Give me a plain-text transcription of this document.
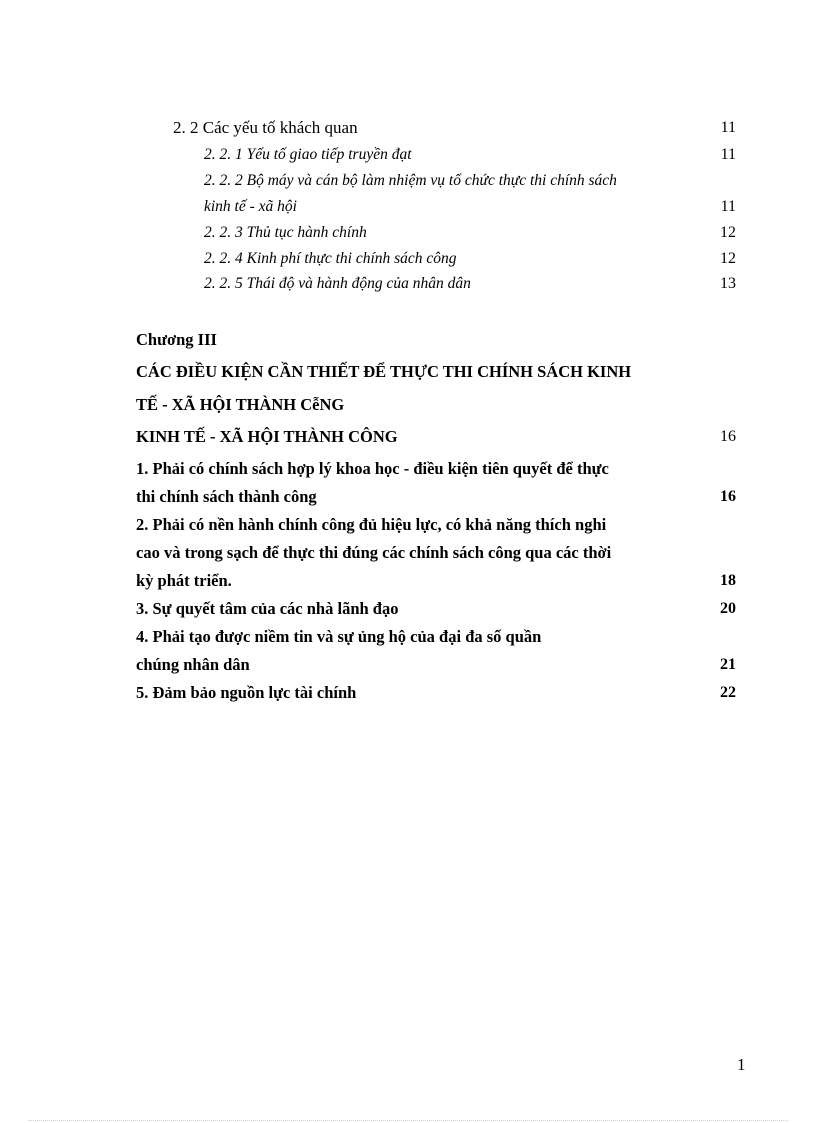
2. 2 Các yếu tố khách quan	11
2. 2. 1 Yếu tố giao tiếp truyền đạt	11
2. 2. 2 Bộ máy và cán bộ làm nhiệm vụ tổ chức thực thi chính sách
kinh tế - xã hội	11
2. 2. 3 Thủ tục hành chính	12
2. 2. 4 Kinh phí thực thi chính sách công	12
2. 2. 5 Thái độ và hành động của nhân dân	13
Chương III
CÁC ĐIỀU KIỆN CẦN THIẾT ĐỂ THỰC THI CHÍNH SÁCH KINH
TẾ - XÃ HỘI THÀNH CễNG
KINH TẾ - XÃ HỘI THÀNH CÔNG	16
1. Phải có chính sách hợp lý khoa học - điều kiện tiên quyết để thực
thi chính sách thành công	16
2. Phải có nền hành chính công đủ hiệu lực, có khả năng thích nghi
cao và trong sạch để thực thi đúng các chính sách công qua các thời
kỳ phát triển.	18
3. Sự quyết tâm của các nhà lãnh đạo	20
4. Phải tạo được niềm tin và sự ủng hộ của đại đa số quần
chúng nhân dân	21
5. Đảm bảo nguồn lực tài chính	22
1
